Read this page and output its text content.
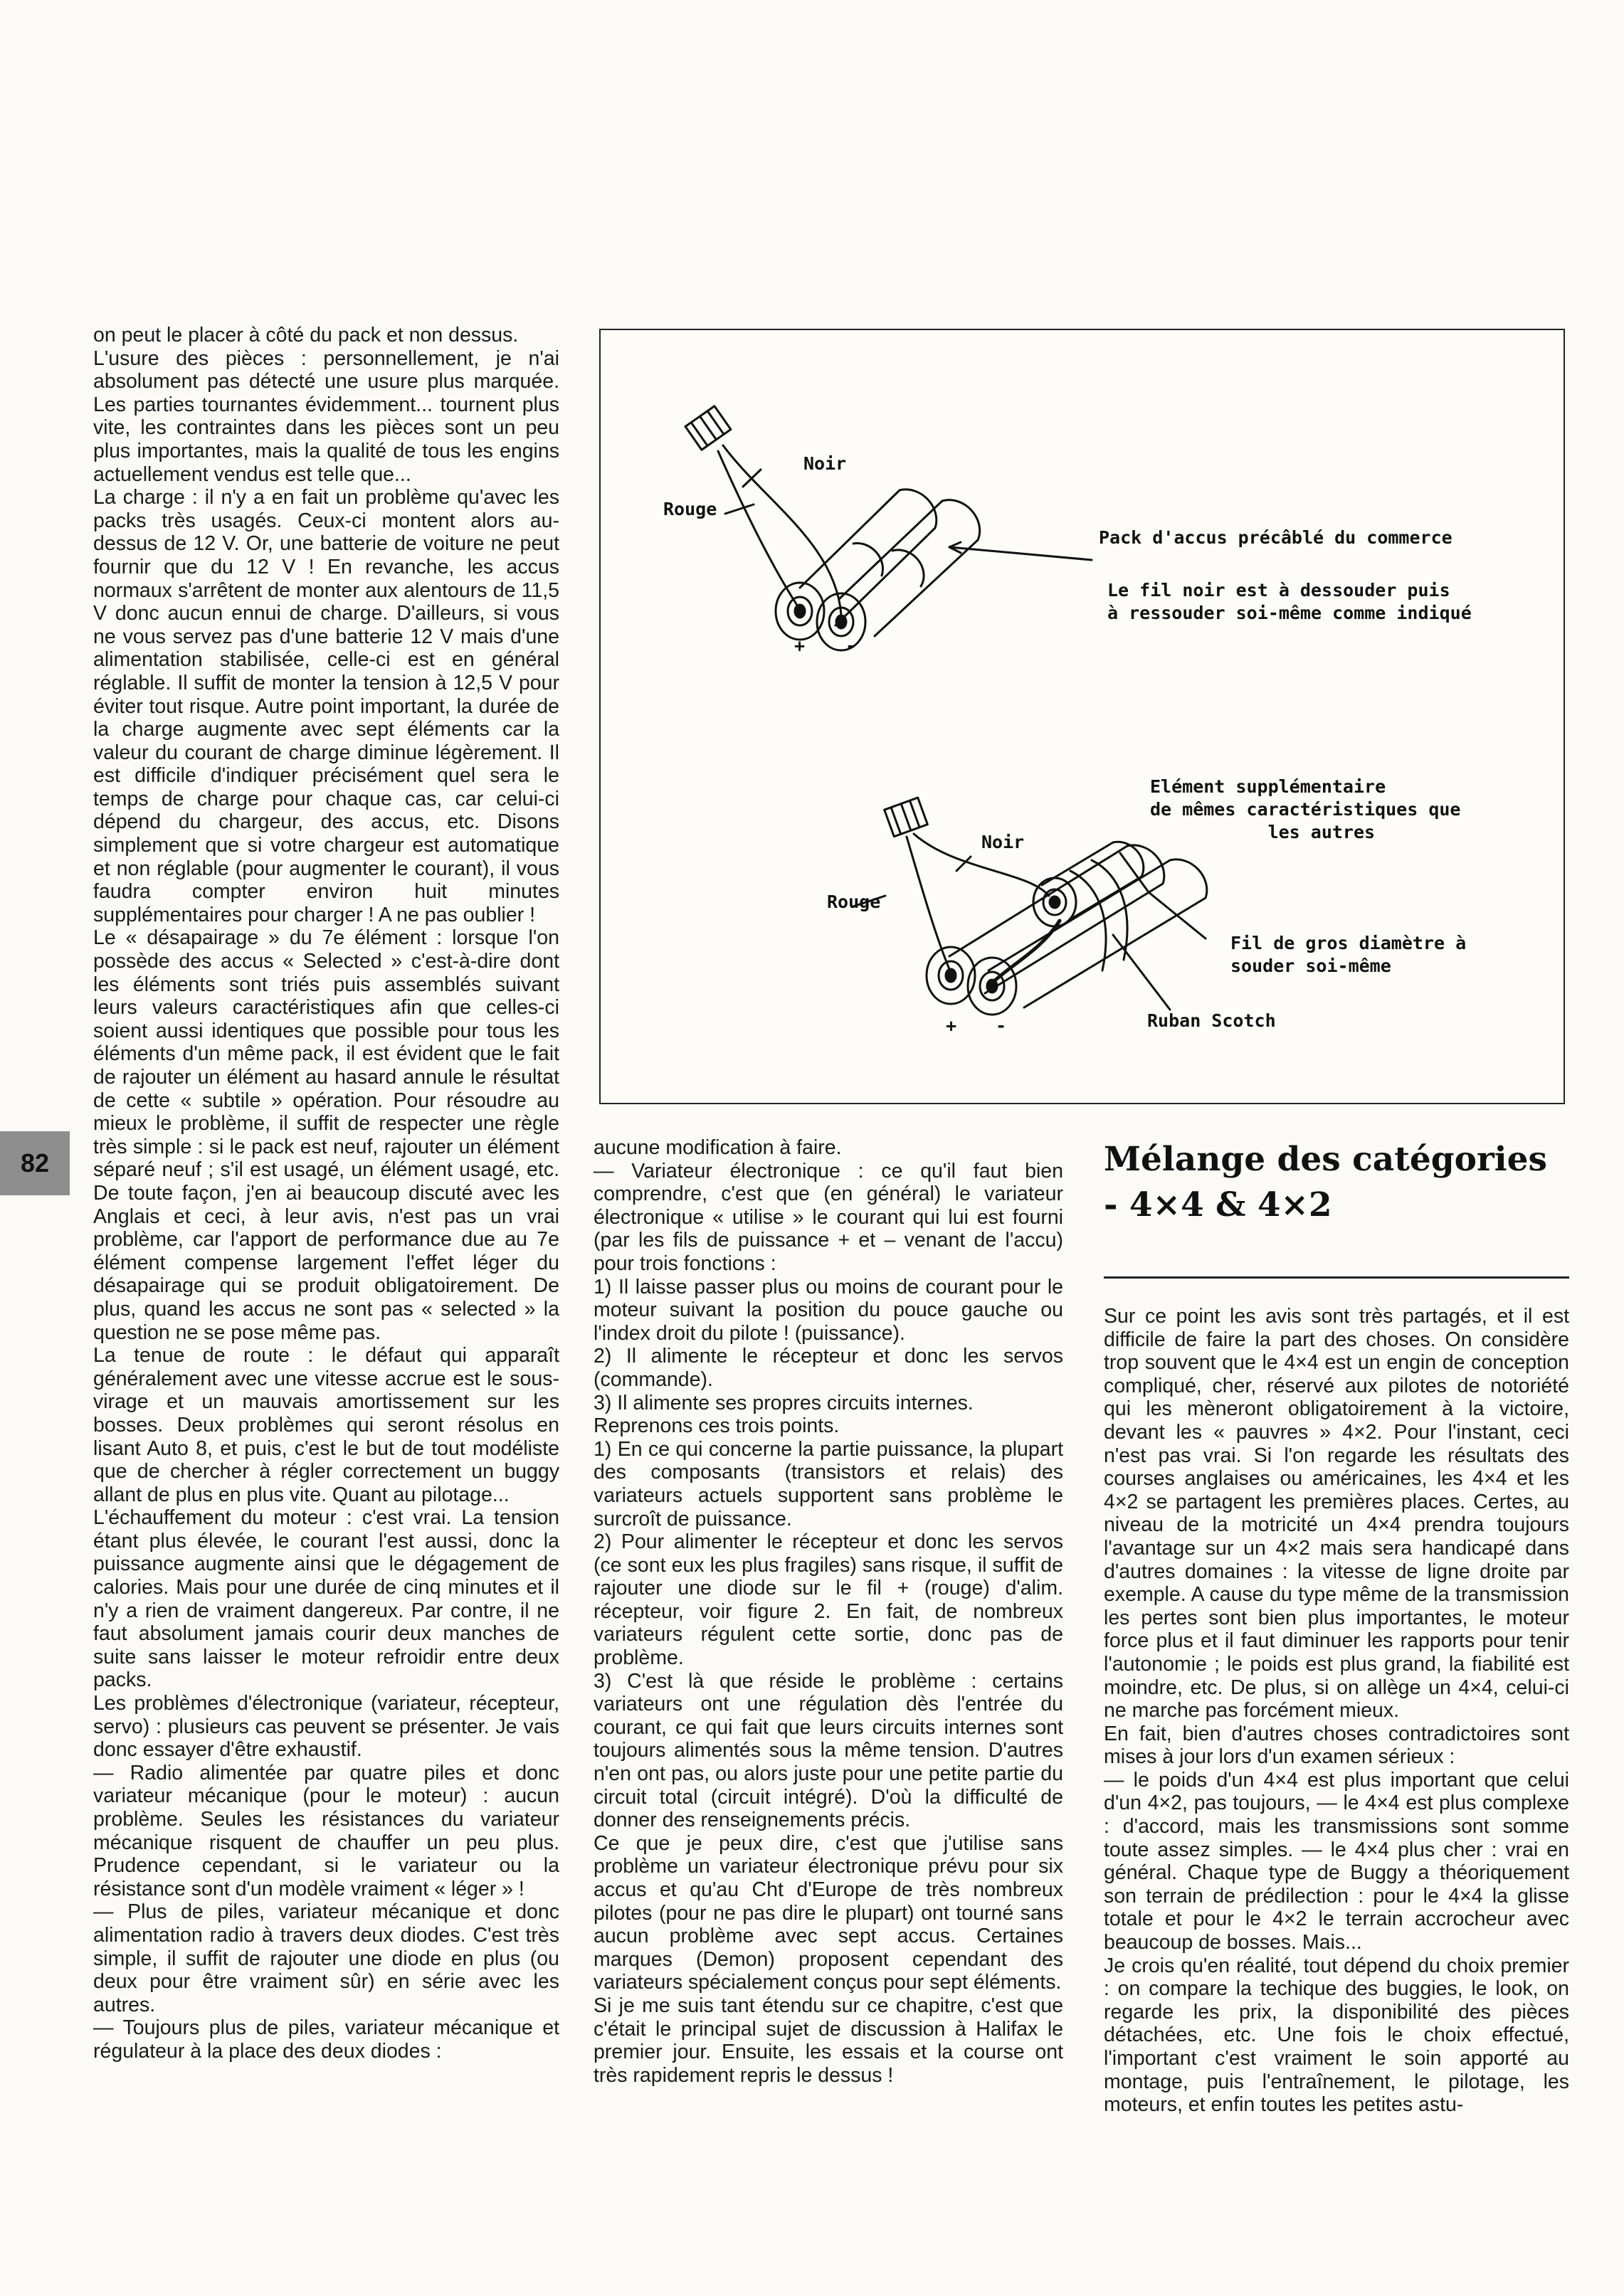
on peut le placer à côté du pack et non dessus.
L'usure des pièces : personnellement, je n'ai absolument pas détecté une usure plus marquée. Les parties tournantes évidemment... tournent plus vite, les contraintes dans les pièces sont un peu plus importantes, mais la qualité de tous les engins actuellement vendus est telle que...
La charge : il n'y a en fait un problème qu'avec les packs très usagés. Ceux-ci montent alors au-dessus de 12 V. Or, une batterie de voiture ne peut fournir que du 12 V ! En revanche, les accus normaux s'arrêtent de monter aux alentours de 11,5 V donc aucun ennui de charge. D'ailleurs, si vous ne vous servez pas d'une batterie 12 V mais d'une alimentation stabilisée, celle-ci est en général réglable. Il suffit de monter la tension à 12,5 V pour éviter tout risque. Autre point important, la durée de la charge augmente avec sept éléments car la valeur du courant de charge diminue légèrement. Il est difficile d'indiquer précisément quel sera le temps de charge pour chaque cas, car celui-ci dépend du chargeur, des accus, etc. Disons simplement que si votre chargeur est automatique et non réglable (pour augmenter le courant), il vous faudra compter environ huit minutes supplémentaires pour charger ! A ne pas oublier !
Le « désapairage » du 7e élément : lorsque l'on possède des accus « Selected » c'est-à-dire dont les éléments sont triés puis assemblés suivant leurs valeurs caractéristiques afin que celles-ci soient aussi identiques que possible pour tous les éléments d'un même pack, il est évident que le fait de rajouter un élément au hasard annule le résultat de cette « subtile » opération. Pour résoudre au mieux le problème, il suffit de respecter une règle très simple : si le pack est neuf, rajouter un élément séparé neuf ; s'il est usagé, un élément usagé, etc. De toute façon, j'en ai beaucoup discuté avec les Anglais et ceci, à leur avis, n'est pas un vrai problème, car l'apport de performance due au 7e élément compense largement l'effet léger du désapairage qui se produit obligatoirement. De plus, quand les accus ne sont pas « selected » la question ne se pose même pas.
La tenue de route : le défaut qui apparaît généralement avec une vitesse accrue est le sous-virage et un mauvais amortissement sur les bosses. Deux problèmes qui seront résolus en lisant Auto 8, et puis, c'est le but de tout modéliste que de chercher à régler correctement un buggy allant de plus en plus vite. Quant au pilotage...
L'échauffement du moteur : c'est vrai. La tension étant plus élevée, le courant l'est aussi, donc la puissance augmente ainsi que le dégagement de calories. Mais pour une durée de cinq minutes et il n'y a rien de vraiment dangereux. Par contre, il ne faut absolument jamais courir deux manches de suite sans laisser le moteur refroidir entre deux packs.
Les problèmes d'électronique (variateur, récepteur, servo) : plusieurs cas peuvent se présenter. Je vais donc essayer d'être exhaustif.
— Radio alimentée par quatre piles et donc variateur mécanique (pour le moteur) : aucun problème. Seules les résistances du variateur mécanique risquent de chauffer un peu plus. Prudence cependant, si le variateur ou la résistance sont d'un modèle vraiment « léger » !
— Plus de piles, variateur mécanique et donc alimentation radio à travers deux diodes. C'est très simple, il suffit de rajouter une diode en plus (ou deux pour être vraiment sûr) en série avec les autres.
— Toujours plus de piles, variateur mécanique et régulateur à la place des deux diodes :
82
Noir
Rouge
+ -
Pack d'accus précâblé du commerce
Le fil noir est à dessouder puis
à ressouder soi-même comme indiqué
Noir
Rouge
+ -
Elément supplémentaire
de mêmes caractéristiques que
les autres
Fil de gros diamètre à
souder soi-même
Ruban Scotch
aucune modification à faire.
— Variateur électronique : ce qu'il faut bien comprendre, c'est que (en général) le variateur électronique « utilise » le courant qui lui est fourni (par les fils de puissance + et – venant de l'accu) pour trois fonctions :
1) Il laisse passer plus ou moins de courant pour le moteur suivant la position du pouce gauche ou l'index droit du pilote ! (puissance).
2) Il alimente le récepteur et donc les servos (commande).
3) Il alimente ses propres circuits internes.
Reprenons ces trois points.
1) En ce qui concerne la partie puissance, la plupart des composants (transistors et relais) des variateurs actuels supportent sans problème le surcroît de puissance.
2) Pour alimenter le récepteur et donc les servos (ce sont eux les plus fragiles) sans risque, il suffit de rajouter une diode sur le fil + (rouge) d'alim. récepteur, voir figure 2. En fait, de nombreux variateurs régulent cette sortie, donc pas de problème.
3) C'est là que réside le problème : certains variateurs ont une régulation dès l'entrée du courant, ce qui fait que leurs circuits internes sont toujours alimentés sous la même tension. D'autres n'en ont pas, ou alors juste pour une petite partie du circuit total (circuit intégré). D'où la difficulté de donner des renseignements précis.
Ce que je peux dire, c'est que j'utilise sans problème un variateur électronique prévu pour six accus et qu'au Cht d'Europe de très nombreux pilotes (pour ne pas dire le plupart) ont tourné sans aucun problème avec sept accus. Certaines marques (Demon) proposent cependant des variateurs spécialement conçus pour sept éléments.
Si je me suis tant étendu sur ce chapitre, c'est que c'était le principal sujet de discussion à Halifax le premier jour. Ensuite, les essais et la course ont très rapidement repris le dessus !
Mélange des catégories - 4×4 & 4×2
Sur ce point les avis sont très partagés, et il est difficile de faire la part des choses. On considère trop souvent que le 4×4 est un engin de conception compliqué, cher, réservé aux pilotes de notoriété qui les mèneront obligatoirement à la victoire, devant les « pauvres » 4×2. Pour l'instant, ceci n'est pas vrai. Si l'on regarde les résultats des courses anglaises ou américaines, les 4×4 et les 4×2 se partagent les premières places. Certes, au niveau de la motricité un 4×4 prendra toujours l'avantage sur un 4×2 mais sera handicapé dans d'autres domaines : la vitesse de ligne droite par exemple. A cause du type même de la transmission les pertes sont bien plus importantes, le moteur force plus et il faut diminuer les rapports pour tenir l'autonomie ; le poids est plus grand, la fiabilité est moindre, etc. De plus, si on allège un 4×4, celui-ci ne marche pas forcément mieux.
En fait, bien d'autres choses contradictoires sont mises à jour lors d'un examen sérieux :
— le poids d'un 4×4 est plus important que celui d'un 4×2, pas toujours, — le 4×4 est plus complexe : d'accord, mais les transmissions sont somme toute assez simples. — le 4×4 plus cher : vrai en général. Chaque type de Buggy a théoriquement son terrain de prédilection : pour le 4×4 la glisse totale et pour le 4×2 le terrain accrocheur avec beaucoup de bosses. Mais...
Je crois qu'en réalité, tout dépend du choix premier : on compare la techique des buggies, le look, on regarde les prix, la disponibilité des pièces détachées, etc. Une fois le choix effectué, l'important c'est vraiment le soin apporté au montage, puis l'entraînement, le pilotage, les moteurs, et enfin toutes les petites astu-
